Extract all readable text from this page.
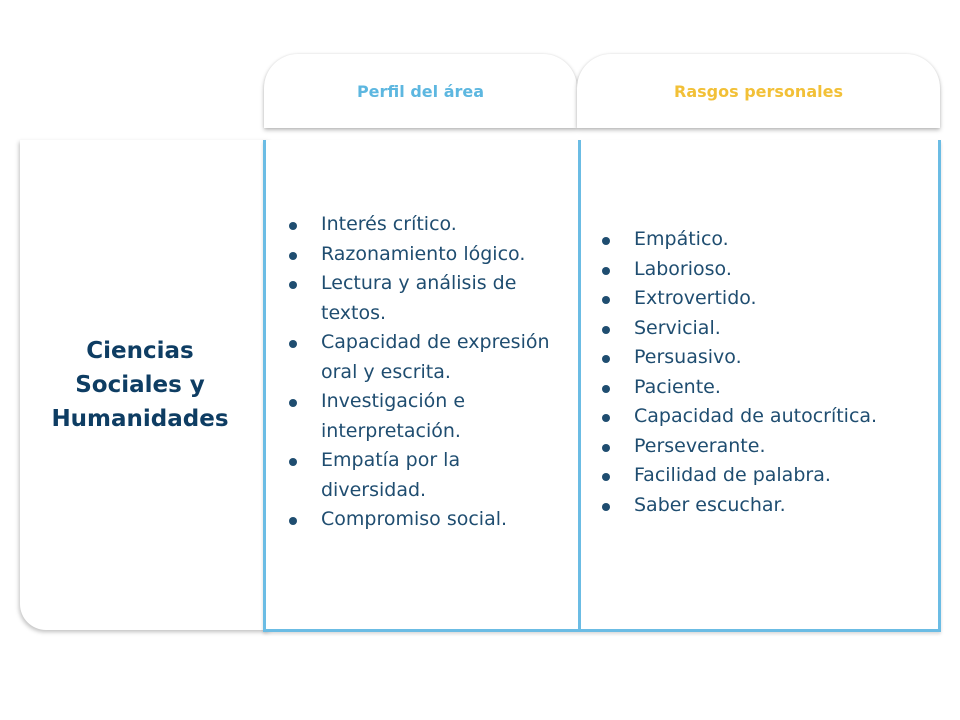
Perfil del área	Rasgos personales
Ciencias Sociales y Humanidades
Interés crítico.
Razonamiento lógico.
Lectura y análisis de textos.
Capacidad de expresión oral y escrita.
Investigación e interpretación.
Empatía por la diversidad.
Compromiso social.
Empático.
Laborioso.
Extrovertido.
Servicial.
Persuasivo.
Paciente.
Capacidad de autocrítica.
Perseverante.
Facilidad de palabra.
Saber escuchar.
